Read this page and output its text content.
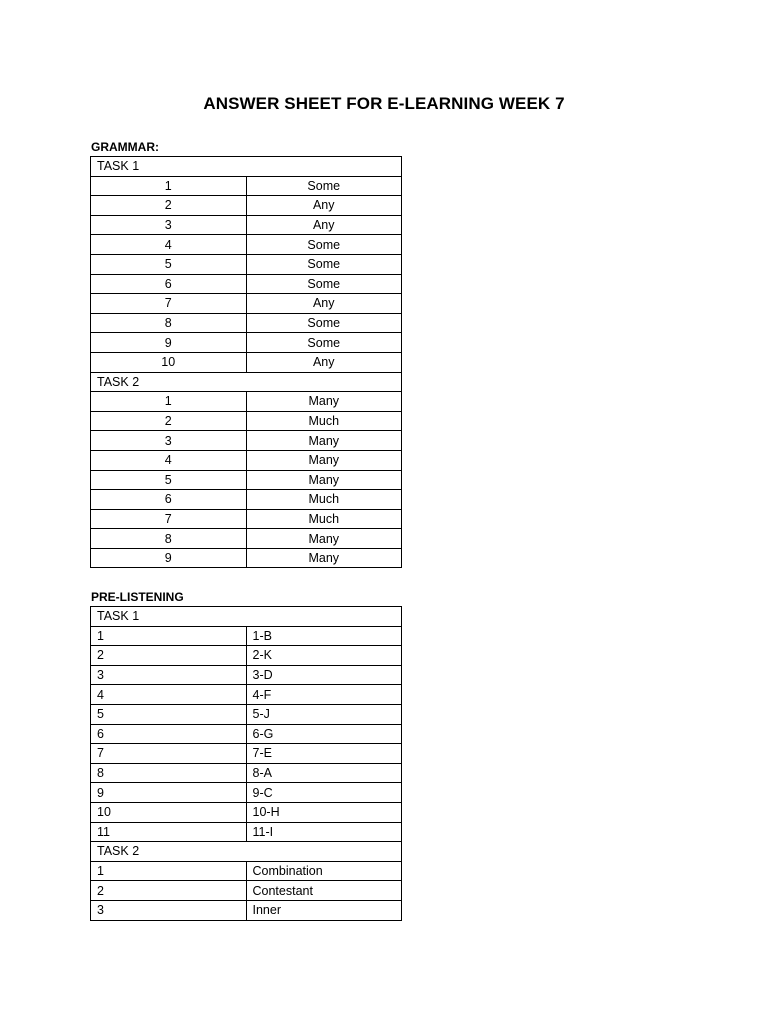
ANSWER SHEET FOR E-LEARNING WEEK 7
GRAMMAR:
TASK 1	
1	Some
2	Any
3	Any
4	Some
5	Some
6	Some
7	Any
8	Some
9	Some
10	Any
TASK 2	
1	Many
2	Much
3	Many
4	Many
5	Many
6	Much
7	Much
8	Many
9	Many
PRE-LISTENING
TASK 1	
1	1-B
2	2-K
3	3-D
4	4-F
5	5-J
6	6-G
7	7-E
8	8-A
9	9-C
10	10-H
11	11-I
TASK 2	
1	Combination
2	Contestant
3	Inner
